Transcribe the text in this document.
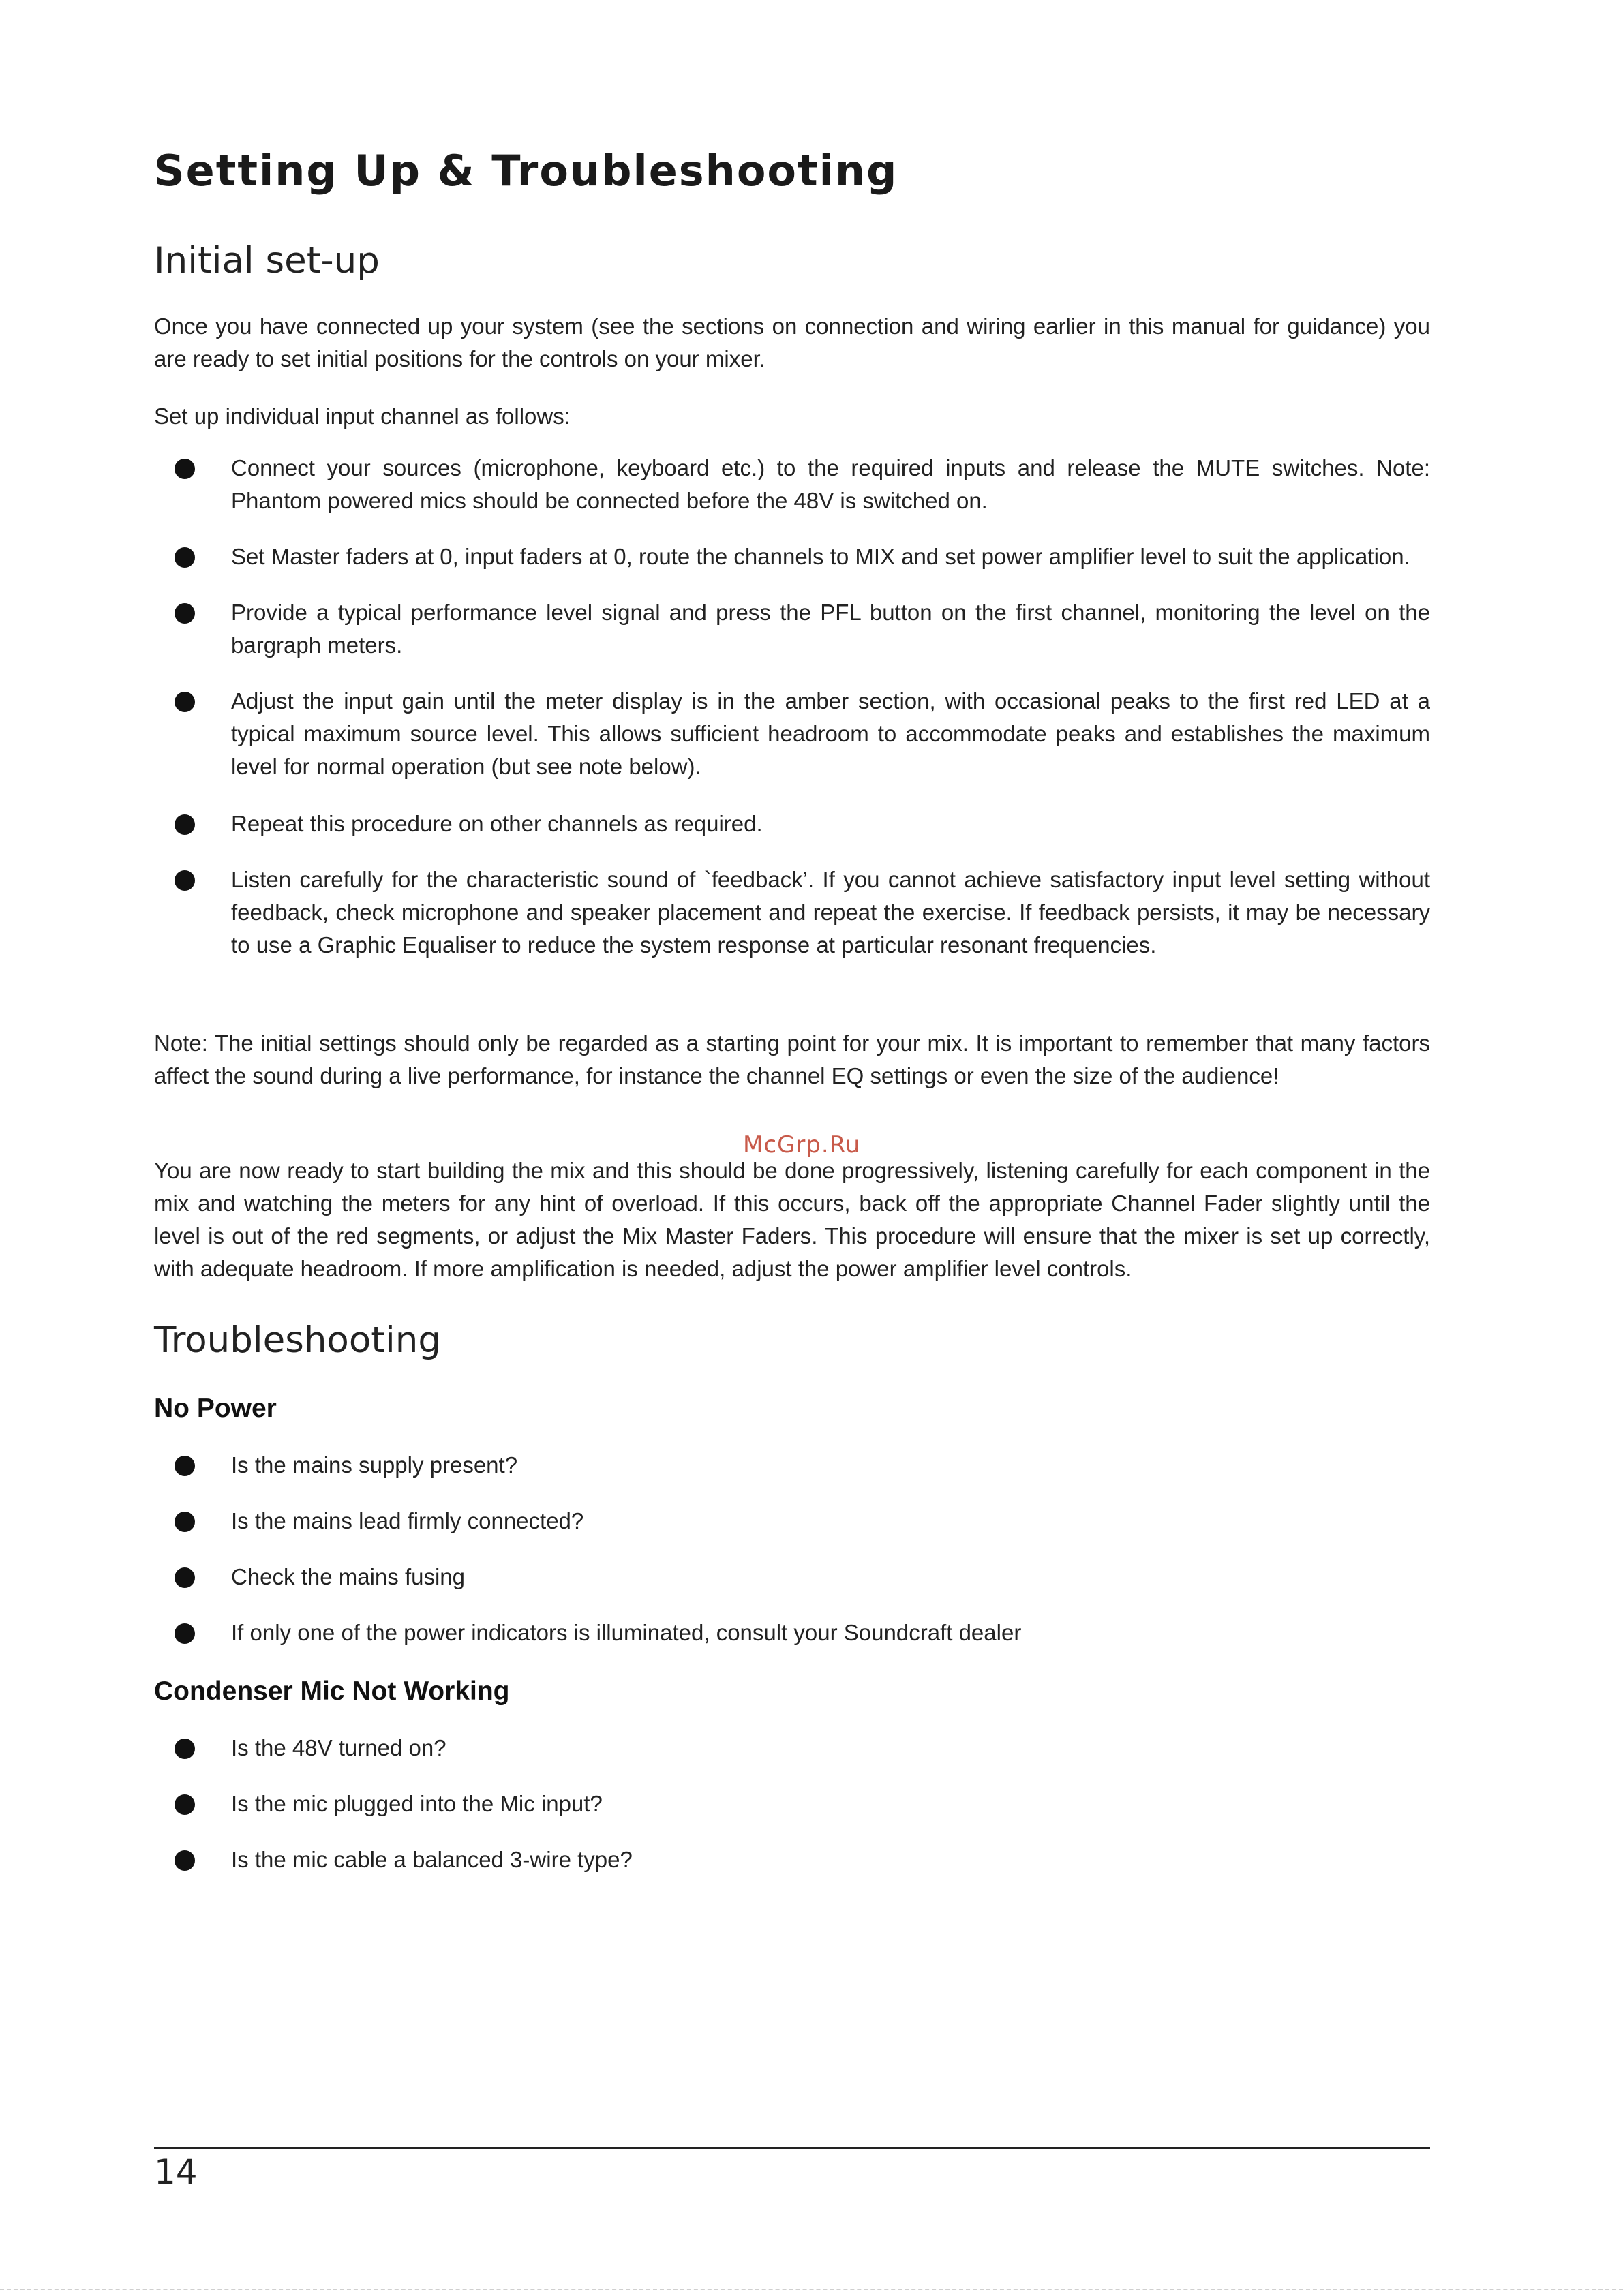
Setting Up & Troubleshooting
Initial set-up

Once you have connected up your system (see the sections on connection and wiring earlier in this manual for guidance) you are ready to set initial positions for the controls on your mixer.

Set up individual input channel as follows:

Connect your sources (microphone, keyboard etc.) to the required inputs and release the MUTE switches. Note: Phantom powered mics should be connected before the 48V is switched on.

Set Master faders at 0, input faders at 0, route the channels to MIX and set power amplifier level to suit the application.

Provide a typical performance level signal and press the PFL button on the first channel, monitoring the level on the bargraph meters.

Adjust the input gain until the meter display is in the amber section, with occasional peaks to the first red LED at a typical maximum source level. This allows sufficient headroom to accommodate peaks and establishes the maximum level for normal operation (but see note below).

Repeat this procedure on other channels as required.

Listen carefully for the characteristic sound of `feedback’. If you cannot achieve satisfactory input level setting without feedback, check microphone and speaker placement and repeat the exercise. If feedback persists, it may be necessary to use a Graphic Equaliser to reduce the system response at particular resonant frequencies.

Note: The initial settings should only be regarded as a starting point for your mix. It is important to remember that many factors affect the sound during a live performance, for instance the channel EQ settings or even the size of the audience!

McGrp.Ru

You are now ready to start building the mix and this should be done progressively, listening carefully for each component in the mix and watching the meters for any hint of overload. If this occurs, back off the appropriate Channel Fader slightly until the level is out of the red segments, or adjust the Mix Master Faders. This procedure will ensure that the mixer is set up correctly, with adequate headroom. If more amplification is needed, adjust the power amplifier level controls.

Troubleshooting
No Power

Is the mains supply present?

Is the mains lead firmly connected?

Check the mains fusing

If only one of the power indicators is illuminated, consult your Soundcraft dealer

Condenser Mic Not Working

Is the 48V turned on?

Is the mic plugged into the Mic input?

Is the mic cable a balanced 3-wire type?

14
